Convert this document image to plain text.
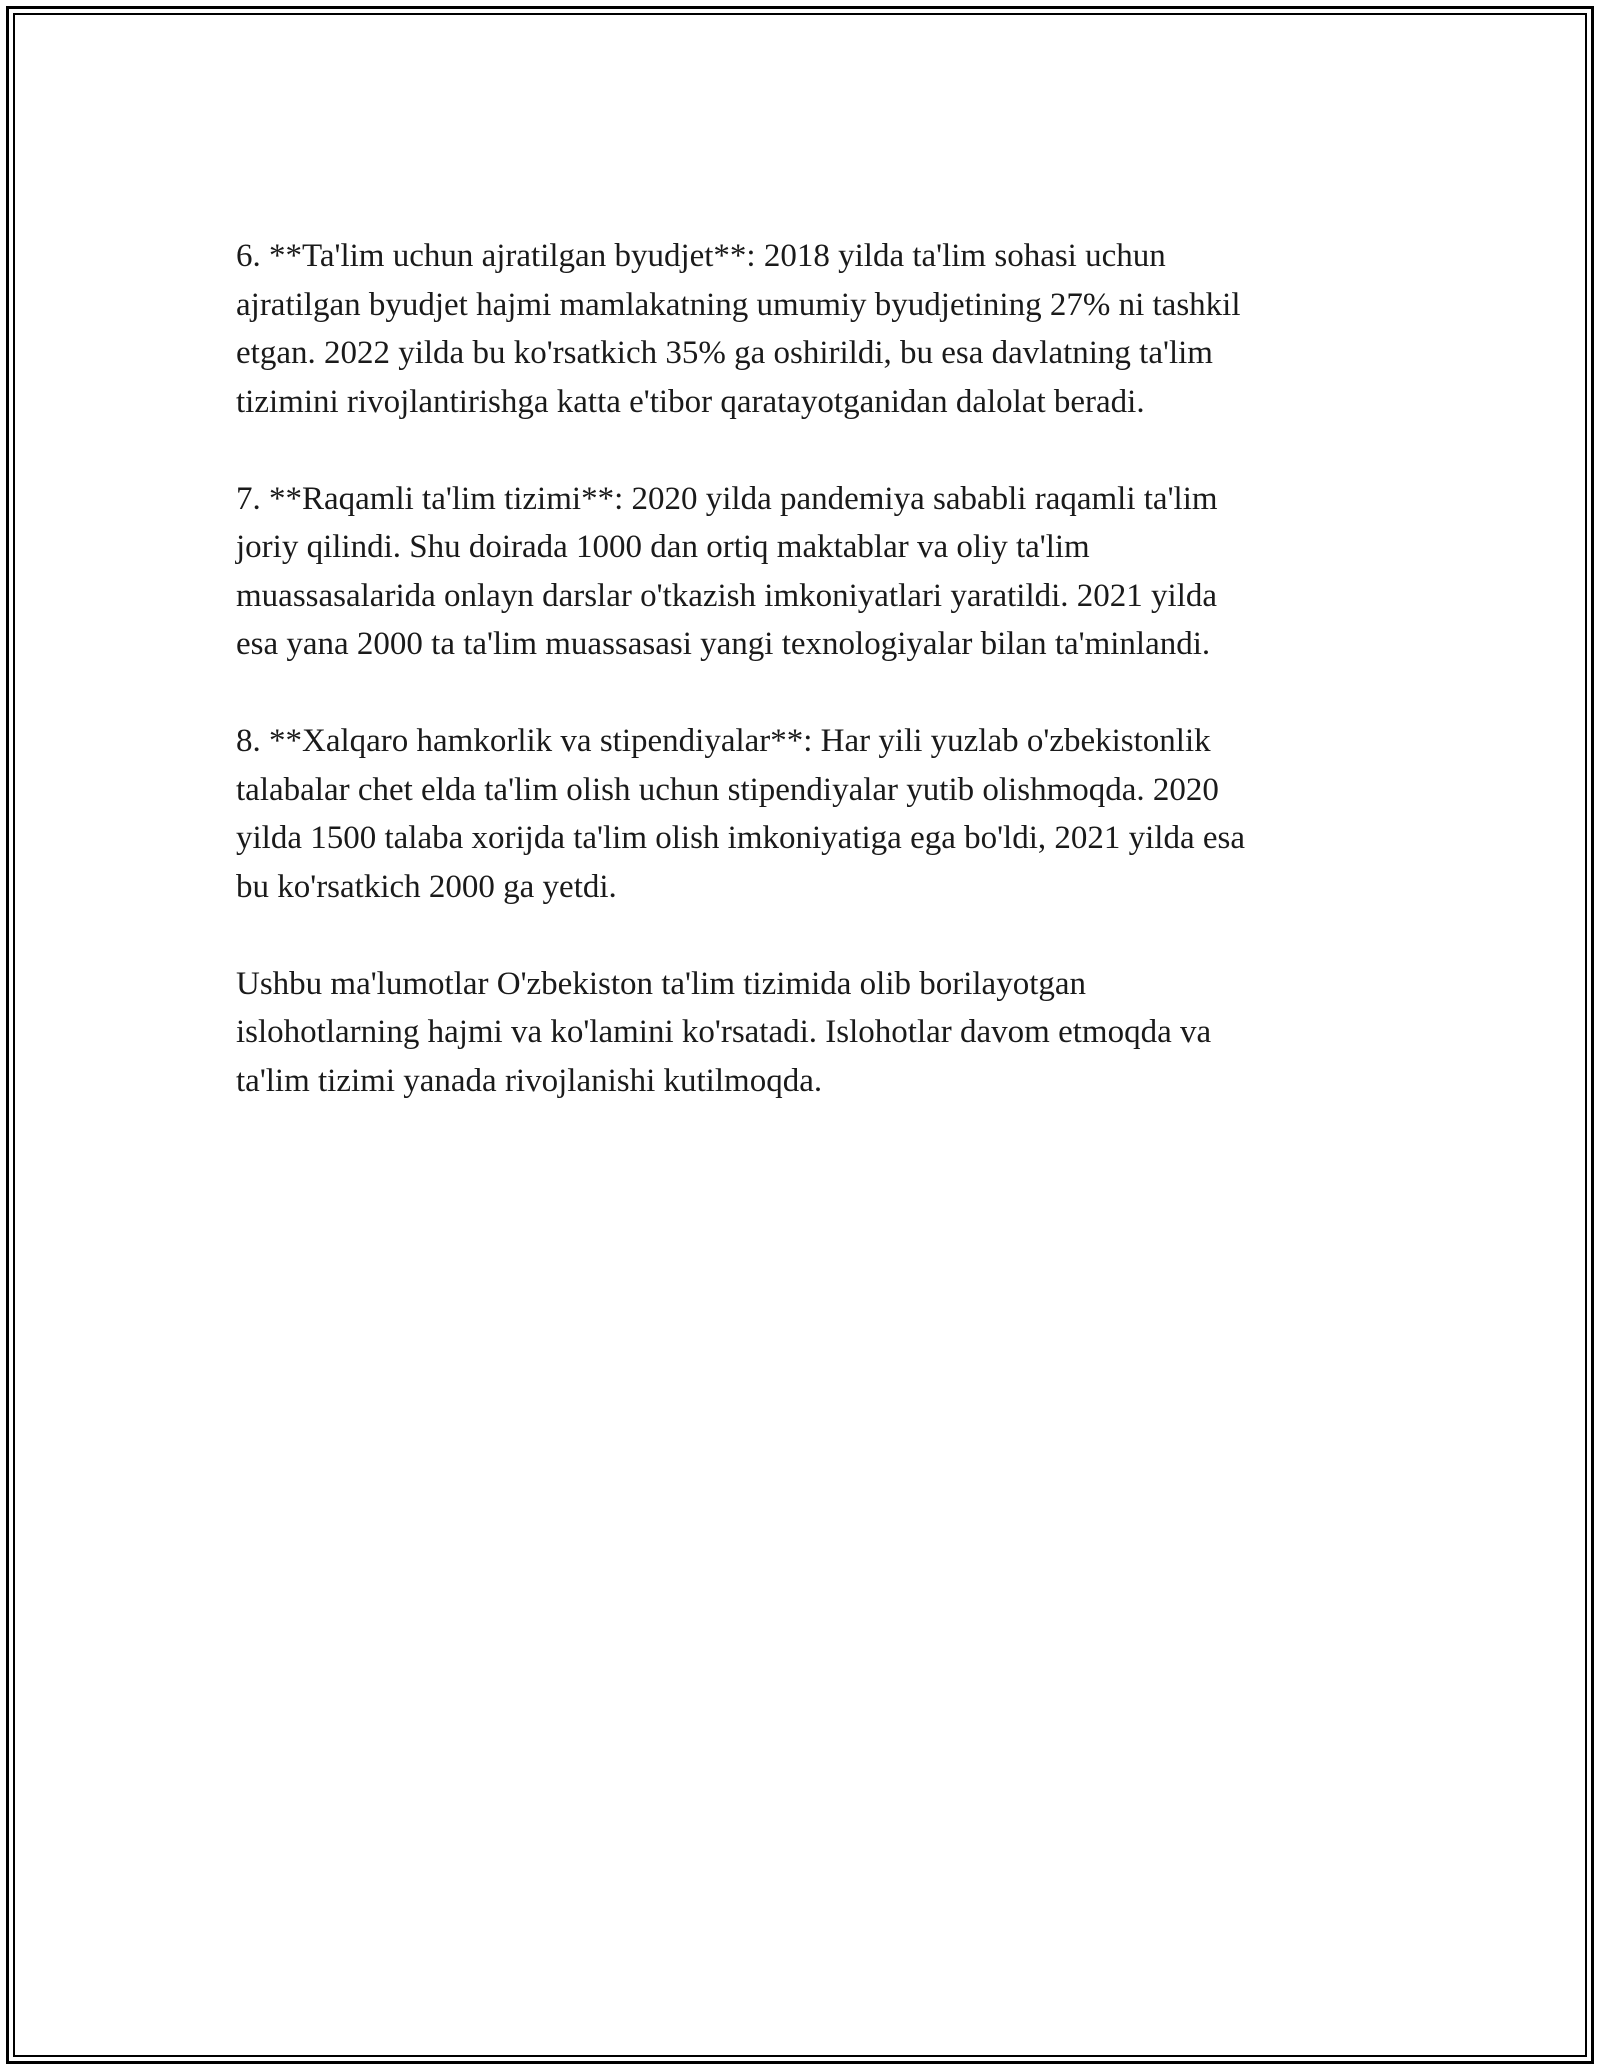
6. **Ta'lim uchun ajratilgan byudjet**: 2018 yilda ta'lim sohasi uchun
ajratilgan byudjet hajmi mamlakatning umumiy byudjetining 27% ni tashkil
etgan. 2022 yilda bu ko'rsatkich 35% ga oshirildi, bu esa davlatning ta'lim
tizimini rivojlantirishga katta e'tibor qaratayotganidan dalolat beradi.

7. **Raqamli ta'lim tizimi**: 2020 yilda pandemiya sababli raqamli ta'lim
joriy qilindi. Shu doirada 1000 dan ortiq maktablar va oliy ta'lim
muassasalarida onlayn darslar o'tkazish imkoniyatlari yaratildi. 2021 yilda
esa yana 2000 ta ta'lim muassasasi yangi texnologiyalar bilan ta'minlandi.

8. **Xalqaro hamkorlik va stipendiyalar**: Har yili yuzlab o'zbekistonlik
talabalar chet elda ta'lim olish uchun stipendiyalar yutib olishmoqda. 2020
yilda 1500 talaba xorijda ta'lim olish imkoniyatiga ega bo'ldi, 2021 yilda esa
bu ko'rsatkich 2000 ga yetdi.

Ushbu ma'lumotlar O'zbekiston ta'lim tizimida olib borilayotgan
islohotlarning hajmi va ko'lamini ko'rsatadi. Islohotlar davom etmoqda va
ta'lim tizimi yanada rivojlanishi kutilmoqda.
